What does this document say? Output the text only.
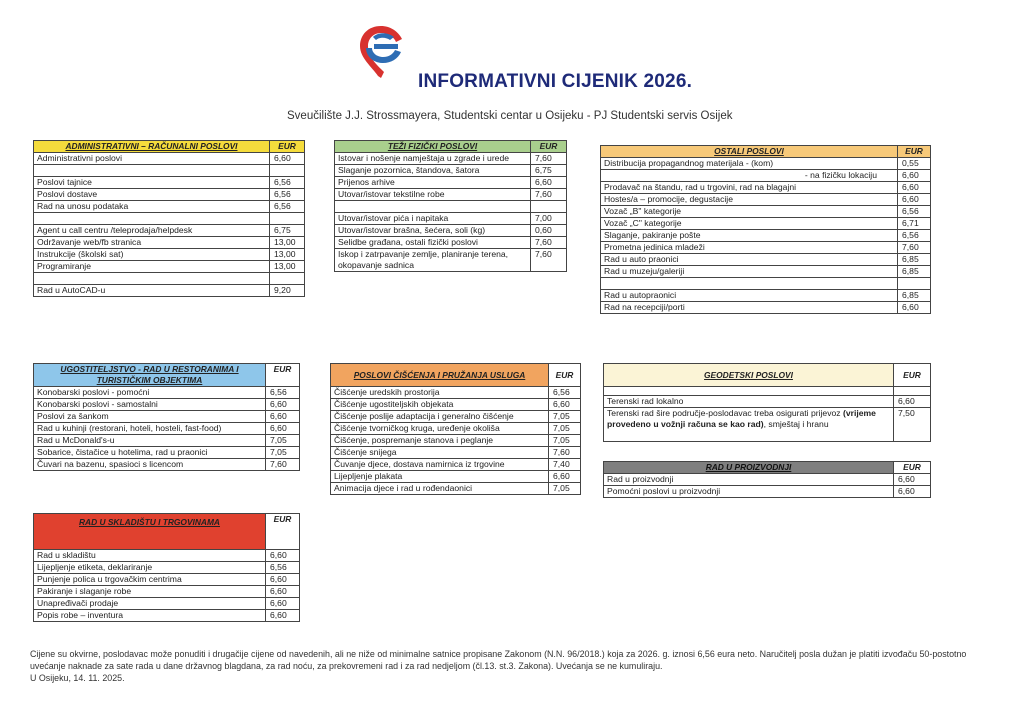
INFORMATIVNI CIJENIK 2026.
Sveučilište J.J. Strossmayera, Studentski centar u Osijeku - PJ Studentski servis Osijek
ADMINISTRATIVNI – RAČUNALNI POSLOVI	EUR
Administrativni poslovi	6,60

Poslovi tajnice	6,56
Poslovi dostave	6,56
Rad na unosu podataka	6,56

Agent u call centru /teleprodaja/helpdesk	6,75
Održavanje web/fb stranica	13,00
Instrukcije (školski sat)	13,00
Programiranje	13,00

Rad u AutoCAD-u	9,20
TEŽI FIZIČKI POSLOVI	EUR
Istovar i nošenje namještaja u zgrade i urede	7,60
Slaganje pozornica, štandova, šatora	6,75
Prijenos arhive	6,60
Utovar/istovar tekstilne robe	7,60

Utovar/istovar pića i napitaka	7,00
Utovar/istovar brašna, šećera, soli (kg)	0,60
Selidbe građana, ostali fizički poslovi	7,60
Iskop i zatrpavanje zemlje, planiranje terena, okopavanje sadnica	7,60
OSTALI POSLOVI	EUR
Distribucija propagandnog materijala - (kom)	0,55
- na fizičku lokaciju	6,60
Prodavač na štandu, rad u trgovini, rad na blagajni	6,60
Hostes/a – promocije, degustacije	6,60
Vozač „B" kategorije	6,56
Vozač „C" kategorije	6,71
Slaganje, pakiranje pošte	6,56
Prometna jedinica mladeži	7,60
Rad u auto praonici	6,85
Rad u muzeju/galeriji	6,85

Rad u autopraonici	6,85
Rad na recepciji/porti	6,60
UGOSTITELJSTVO - RAD U RESTORANIMA I TURISTIČKIM OBJEKTIMA	EUR
Konobarski poslovi - pomoćni	6,56
Konobarski poslovi - samostalni	6,60
Poslovi za šankom	6,60
Rad u kuhinji (restorani, hoteli, hosteli, fast-food)	6,60
Rad u McDonald's-u	7,05
Sobarice, čistačice u hotelima, rad u praonici	7,05
Čuvari na bazenu, spasioci s licencom	7,60
POSLOVI ČIŠĆENJA I PRUŽANJA USLUGA	EUR
Čišćenje uredskih prostorija	6,56
Čišćenje ugostiteljskih objekata	6,60
Čišćenje poslije adaptacija i generalno čišćenje	7,05
Čišćenje tvorničkog kruga, uređenje okoliša	7,05
Čišćenje, pospremanje stanova i peglanje	7,05
Čišćenje snijega	7,60
Čuvanje djece, dostava namirnica iz trgovine	7,40
Lijepljenje plakata	6,60
Animacija djece i rad u rođendaonici	7,05
GEODETSKI POSLOVI	EUR

Terenski rad lokalno	6,60
Terenski rad šire područje-poslodavac treba osigurati prijevoz (vrijeme provedeno u vožnji računa se kao rad), smještaj i hranu	7,50
RAD U PROIZVODNJI	EUR
Rad u proizvodnji	6,60
Pomoćni poslovi u proizvodnji	6,60
RAD U SKLADIŠTU I TRGOVINAMA	EUR
Rad u skladištu	6,60
Lijepljenje etiketa, deklariranje	6,56
Punjenje polica u trgovačkim centrima	6,60
Pakiranje i slaganje robe	6,60
Unapređivači prodaje	6,60
Popis robe – inventura	6,60

Cijene su okvirne, poslodavac može ponuditi i drugačije cijene od navedenih, ali ne niže od minimalne satnice propisane Zakonom (N.N. 96/2018.) koja za 2026. g. iznosi 6,56 eura neto. Naručitelj posla dužan je platiti izvođaču 50-postotno uvećanje naknade za sate rada u dane državnog blagdana, za rad noću, za prekovremeni rad i za rad nedjeljom (čl.13. st.3. Zakona). Uvećanja se ne kumuliraju.

U Osijeku, 14. 11. 2025.
